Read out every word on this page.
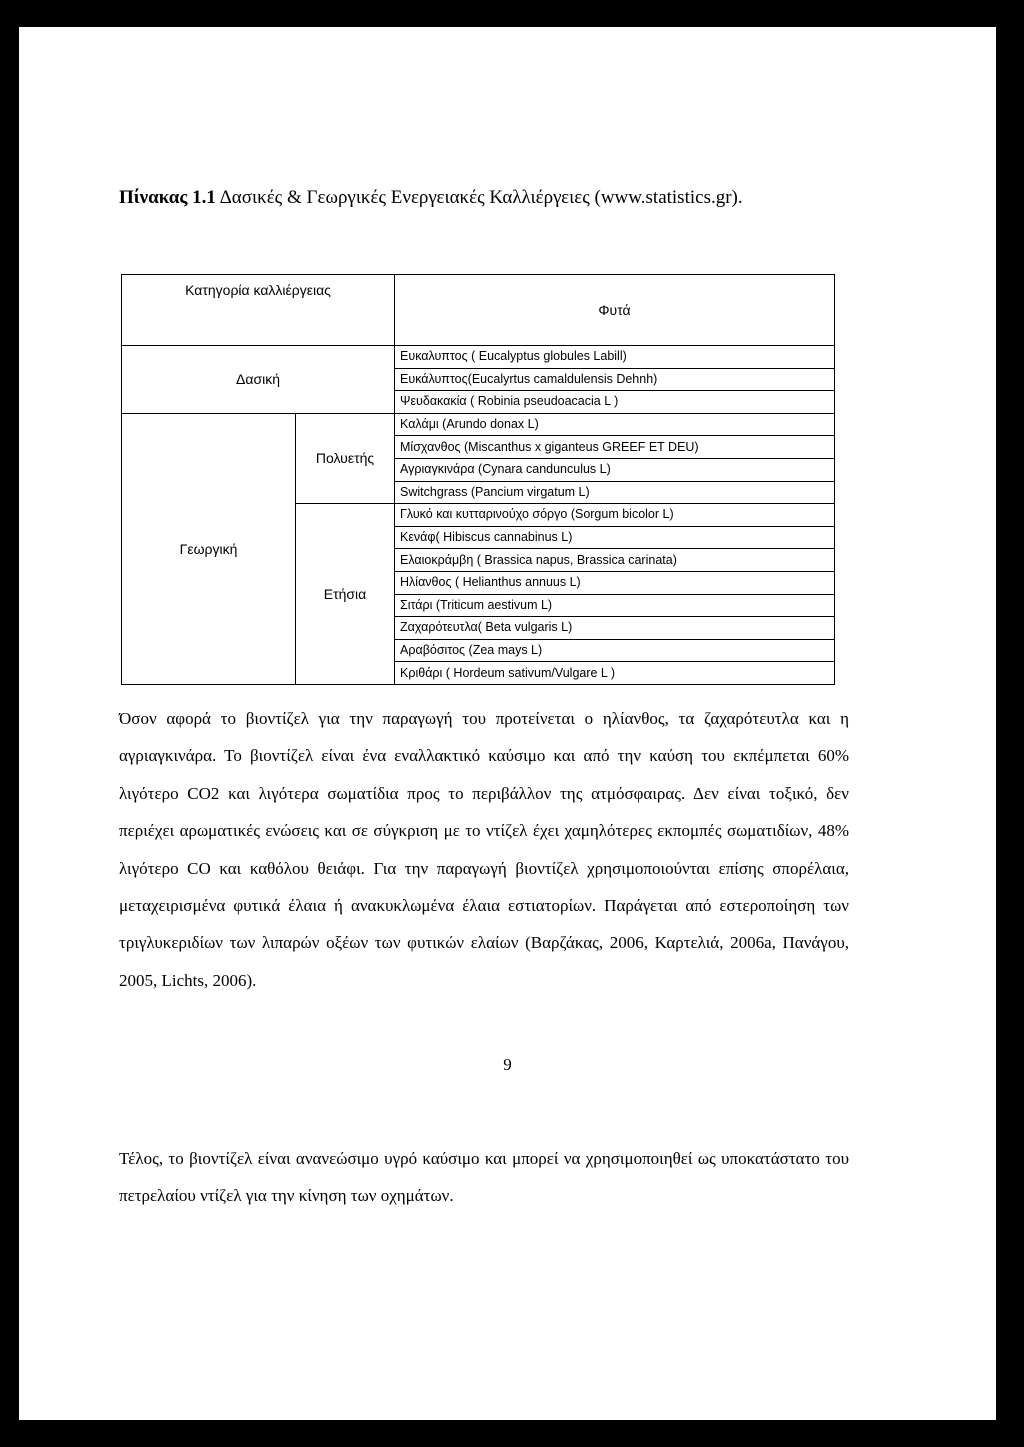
Πίνακας 1.1 Δασικές & Γεωργικές Ενεργειακές Καλλιέργειες (www.statistics.gr).

Κατηγορία καλλιέργειας		Φυτά
Δασική		Ευκαλυπτος ( Eucalyptus globules Labill)
		Ευκάλυπτος(Eucalyrtus camaldulensis Dehnh)
		Ψευδακακία ( Robinia pseudoacacia L )
Γεωργική	Πολυετής	Καλάμι (Arundo donax L)
		Μίσχανθος (Miscanthus x giganteus GREEF ET DEU)
		Αγριαγκινάρα (Cynara candunculus L)
		Switchgrass (Pancium virgatum L)
	Ετήσια	Γλυκό και κυτταρινούχο σόργο (Sorgum bicolor L)
		Κενάφ( Hibiscus cannabinus L)
		Ελαιοκράμβη ( Brassica napus, Brassica carinata)
		Ηλίανθος ( Helianthus annuus L)
		Σιτάρι (Triticum aestivum L)
		Ζαχαρότευτλα( Beta vulgaris L)
		Αραβόσιτος (Zea mays L)
		Κριθάρι ( Hordeum sativum/Vulgare L )

Όσον αφορά το βιοντίζελ για την παραγωγή του προτείνεται ο ηλίανθος, τα ζαχαρότευτλα και η αγριαγκινάρα. Το βιοντίζελ είναι ένα εναλλακτικό καύσιμο και από την καύση του εκπέμπεται 60% λιγότερο CO2 και λιγότερα σωματίδια προς το περιβάλλον της ατμόσφαιρας. Δεν είναι τοξικό, δεν περιέχει αρωματικές ενώσεις και σε σύγκριση με το ντίζελ έχει χαμηλότερες εκπομπές σωματιδίων, 48% λιγότερο CO και καθόλου θειάφι. Για την παραγωγή βιοντίζελ χρησιμοποιούνται επίσης σπορέλαια, μεταχειρισμένα φυτικά έλαια ή ανακυκλωμένα έλαια εστιατορίων. Παράγεται από εστεροποίηση των τριγλυκεριδίων των λιπαρών οξέων των φυτικών ελαίων (Βαρζάκας, 2006, Καρτελιά, 2006a, Πανάγου, 2005, Lichts, 2006).

Τέλος, το βιοντίζελ είναι ανανεώσιμο υγρό καύσιμο και μπορεί να χρησιμοποιηθεί ως υποκατάστατο του πετρελαίου ντίζελ για την κίνηση των οχημάτων.

9
